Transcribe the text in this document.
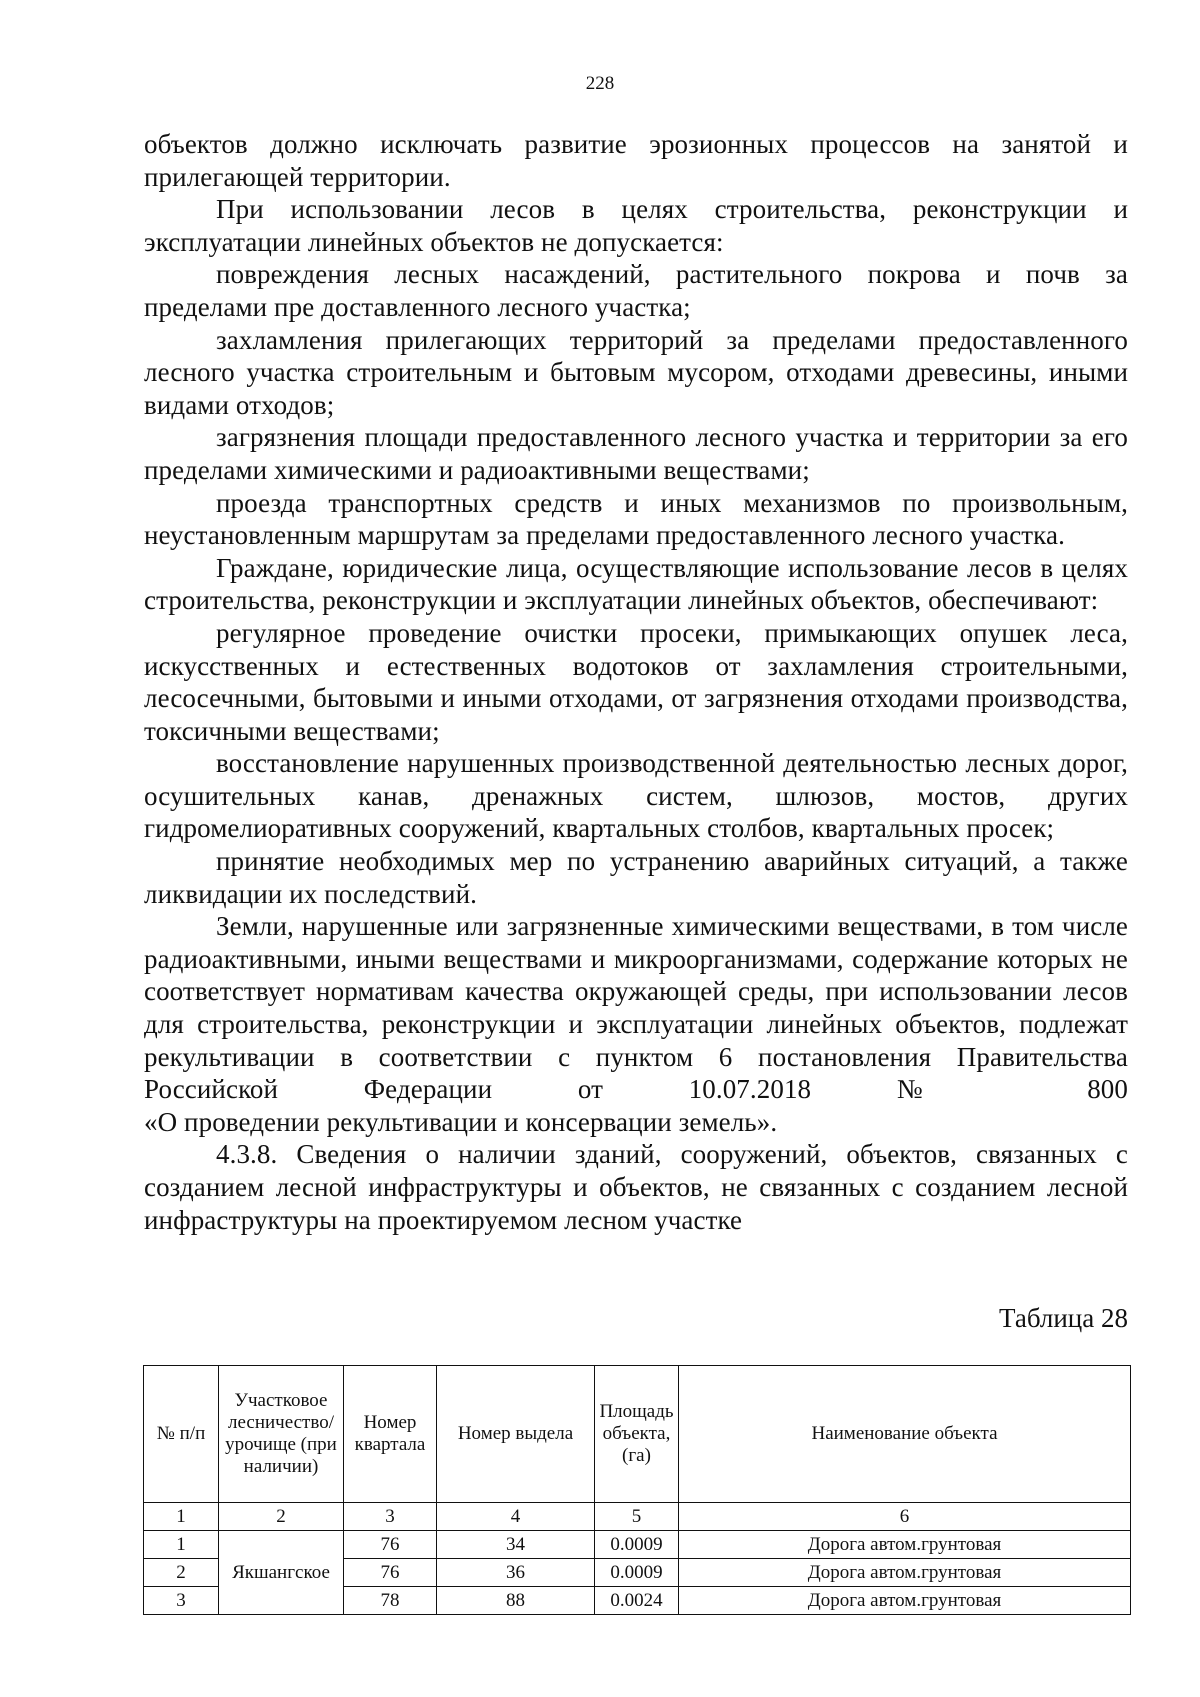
228

объектов должно исключать развитие эрозионных процессов на занятой и прилегающей территории.

При использовании лесов в целях строительства, реконструкции и эксплуатации линейных объектов не допускается:

повреждения лесных насаждений, растительного покрова и почв за пределами пре доставленного лесного участка;

захламления прилегающих территорий за пределами предоставленного лесного участка строительным и бытовым мусором, отходами древесины, иными видами отходов;

загрязнения площади предоставленного лесного участка и территории за его пределами химическими и радиоактивными веществами;

проезда транспортных средств и иных механизмов по произвольным, неустановленным маршрутам за пределами предоставленного лесного участка.

Граждане, юридические лица, осуществляющие использование лесов в целях строительства, реконструкции и эксплуатации линейных объектов, обеспечивают:

регулярное проведение очистки просеки, примыкающих опушек леса, искусственных и естественных водотоков от захламления строительными, лесосечными, бытовыми и иными отходами, от загрязнения отходами производства, токсичными веществами;

восстановление нарушенных производственной деятельностью лесных дорог, осушительных канав, дренажных систем, шлюзов, мостов, других гидромелиоративных сооружений, квартальных столбов, квартальных просек;

принятие необходимых мер по устранению аварийных ситуаций, а также ликвидации их последствий.

Земли, нарушенные или загрязненные химическими веществами, в том числе радиоактивными, иными веществами и микроорганизмами, содержание которых не соответствует нормативам качества окружающей среды, при использовании лесов для строительства, реконструкции и эксплуатации линейных объектов, подлежат рекультивации в соответствии с пунктом 6 постановления Правительства Российской Федерации от 10.07.2018 № 800

«О проведении рекультивации и консервации земель».

4.3.8. Сведения о наличии зданий, сооружений, объектов, связанных с созданием лесной инфраструктуры и объектов, не связанных с созданием лесной инфраструктуры на проектируемом лесном участке

Таблица 28
№ п/п	Участковое лесничество/ урочище (при наличии)	Номер квартала	Номер выдела	Площадь объекта, (га)	Наименование объекта
1	2	3	4	5	6
1	Якшангское	76	34	0.0009	Дорога автом.грунтовая
2		76	36	0.0009	Дорога автом.грунтовая
3		78	88	0.0024	Дорога автом.грунтовая
